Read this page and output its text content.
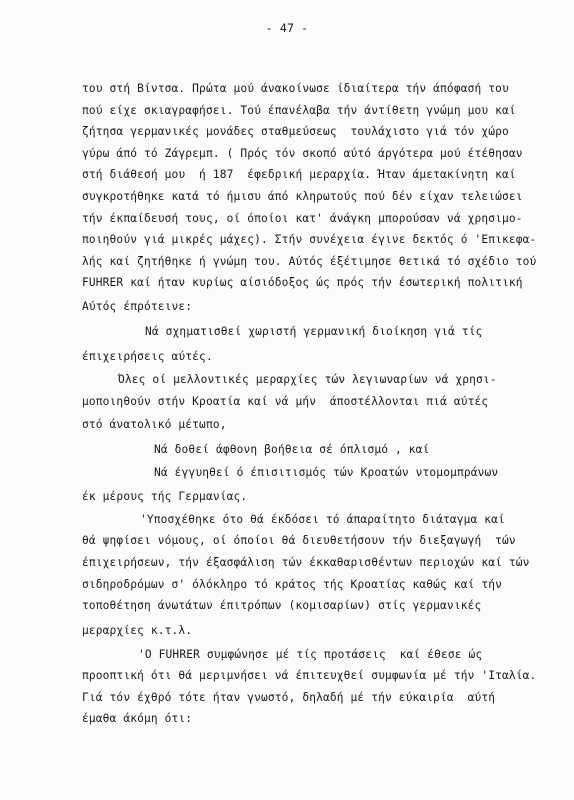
- 47 -
του στή Βίντσα. Πρώτα μού άνακοίνωσε ίδιαίτερα τήν άπόφασή του
πού είχε σκιαγραφήσει. Τού έπανέλαβα τήν άντίθετη γνώμη μου καί
ζήτησα γερμανικές μονάδες σταθμεύσεως  τουλάχιστο γιά τόν χώρο
γύρω άπό τό Ζάγρεμπ. ( Πρός τόν σκοπό αύτό άργότερα μού έτέθησαν
στή διάθεσή μου  ή 187  έφεδρική μεραρχία. Ήταν άμετακίνητη καί
συγκροτήθηκε κατά τό ήμισυ άπό κληρωτούς πού δέν είχαν τελειώσει
τήν έκπαίδευσή τους, οί όποίοι κατ' άνάγκη μπορούσαν νά χρησιμο-
ποιηθούν γιά μικρές μάχες). Στήν συνέχεια έγινε δεκτός ό 'Επικεφα-
λής καί ζητήθηκε ή γνώμη του. Αύτός έξέτιμησε θετικά τό σχέδιο τού
FUHRER καί ήταν κυρίως αίσιόδοξος ώς πρός τήν έσωτερική πολιτική
Αύτός έπρότεινε:
Νά σχηματισθεί χωριστή γερμανική διοίκηση γιά τίς
έπιχειρήσεις αύτές.
Όλες οί μελλοντικές μεραρχίες τών λεγιωναρίων νά χρησι-
μοποιηθούν στήν Κροατία καί νά μήν  άποστέλλονται πιά αύτές
στό άνατολικό μέτωπο,
Νά δοθεί άφθονη βοήθεια σέ όπλισμό , καί
Νά έγγυηθεί ό έπισιτισμός τών Κροατών ντομομπράνων
έκ μέρους τής Γερμανίας.
'Υποσχέθηκε ότο θά έκδόσει τό άπαραίτητο διάταγμα καί
θά ψηφίσει νόμους, οί όποίοι θά διευθετήσουν τήν διεξαγωγή  τών
έπιχειρήσεων, τήν έξασφάλιση τών έκκαθαρισθέντων περιοχών καί τών
σιδηροδρόμων σ' όλόκληρο τό κράτος τής Κροατίας καθώς καί τήν
τοποθέτηση άνωτάτων έπιτρόπων (κομισαρίων) στίς γερμανικές
μεραρχίες κ.τ.λ.
'Ο FUHRER συμφώνησε μέ τίς προτάσεις  καί έθεσε ώς
προοπτική ότι θά μεριμνήσει νά έπιτευχθεί συμφωνία μέ τήν 'Ιταλία.
Γιά τόν έχθρό τότε ήταν γνωστό, δηλαδή μέ τήν εύκαιρία  αύτή
έμαθα άκόμη ότι:
